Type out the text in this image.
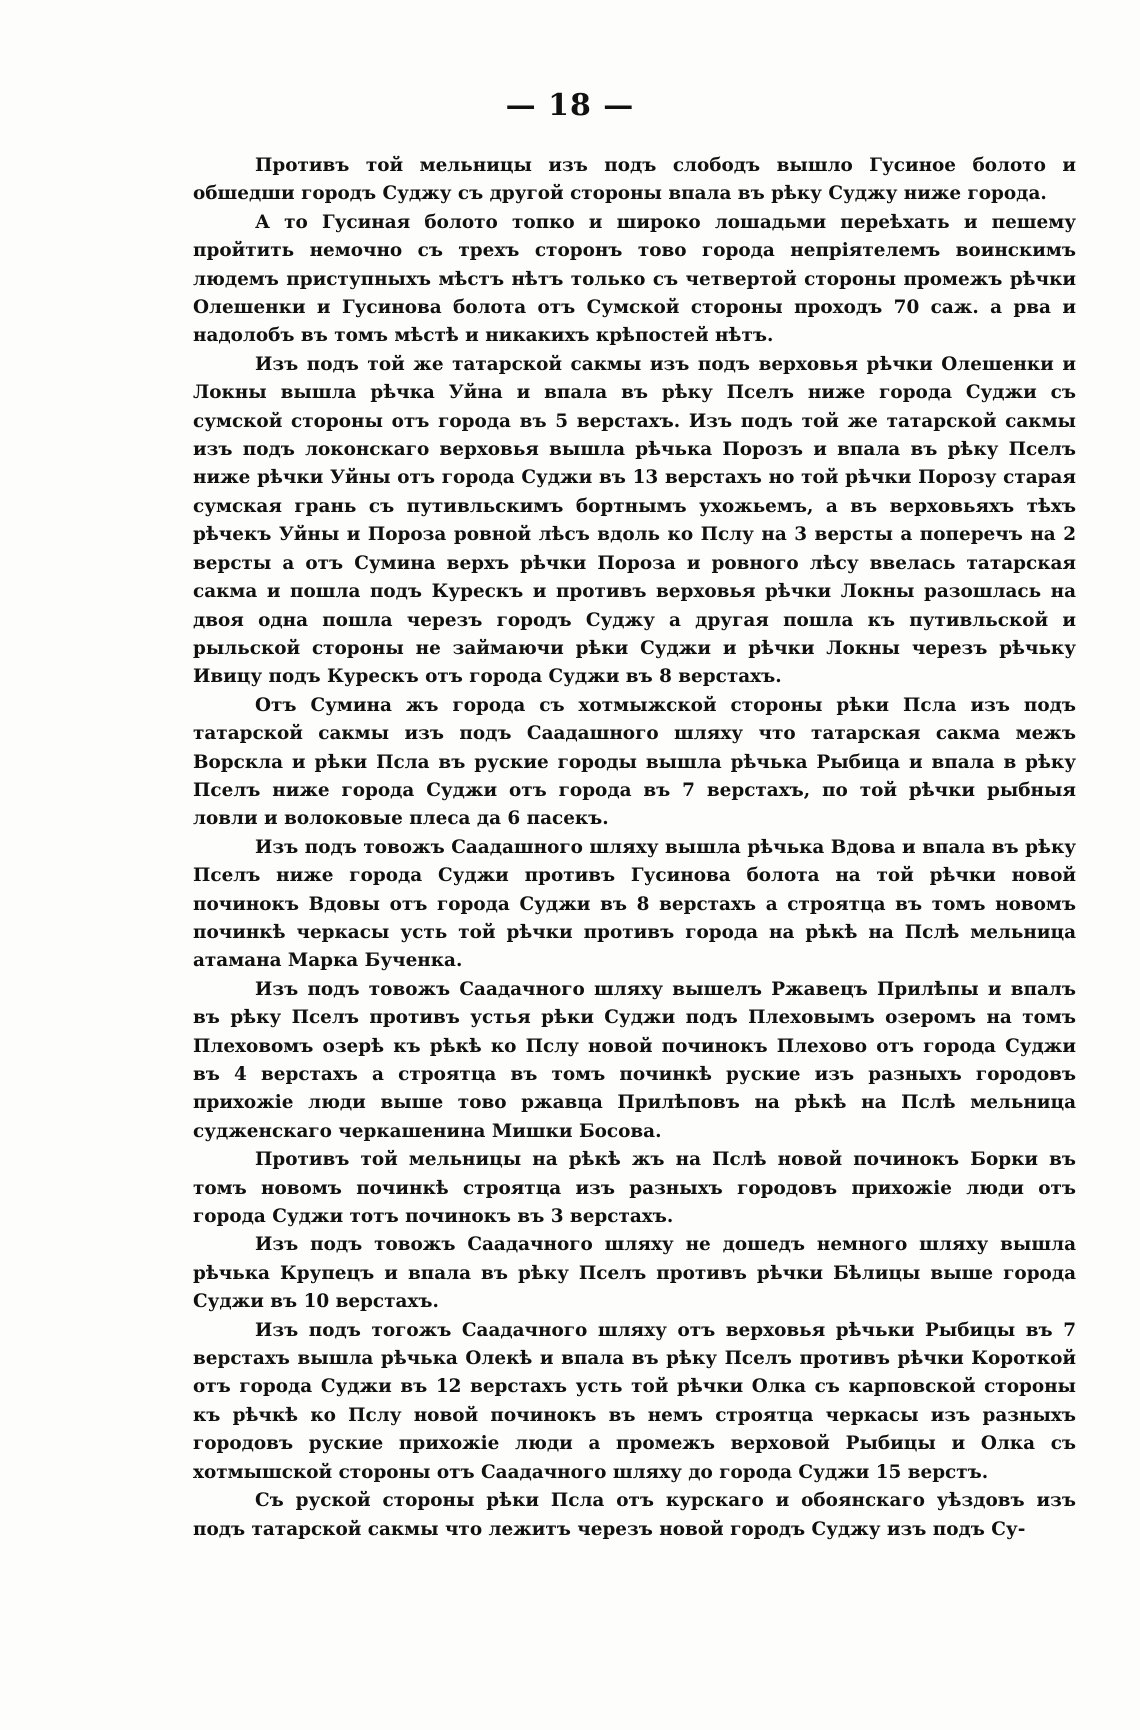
— 18 —

Противъ той мельницы изъ подъ слободъ вышло Гусиное болото и обшедши городъ Суджу съ другой стороны впала въ рѣку Суджу ниже города.

А то Гусиная болото топко и широко лошадьми переѣхать и пешему пройтить немочно съ трехъ сторонъ тово города непріятелемъ воинскимъ людемъ приступныхъ мѣстъ нѣтъ только съ четвертой стороны промежъ рѣчки Олешенки и Гусинова болота отъ Сумской стороны проходъ 70 саж. а рва и надолобъ въ томъ мѣстѣ и никакихъ крѣпостей нѣтъ.

Изъ подъ той же татарской сакмы изъ подъ верховья рѣчки Олешенки и Локны вышла рѣчка Уйна и впала въ рѣку Пселъ ниже города Суджи съ сумской стороны отъ города въ 5 верстахъ. Изъ подъ той же татарской сакмы изъ подъ локонскаго верховья вышла рѣчька Порозъ и впала въ рѣку Пселъ ниже рѣчки Уйны отъ города Суджи въ 13 верстахъ но той рѣчки Порозу старая сумская грань съ путивльскимъ бортнымъ ухожьемъ, а въ верховьяхъ тѣхъ рѣчекъ Уйны и Пороза ровной лѣсъ вдоль ко Пслу на 3 версты а поперечъ на 2 версты а отъ Сумина верхъ рѣчки Пороза и ровного лѣсу ввелась татарская сакма и пошла подъ Курескъ и противъ верховья рѣчки Локны разошлась на двоя одна пошла черезъ городъ Суджу а другая пошла къ путивльской и рыльской стороны не займаючи рѣки Суджи и рѣчки Локны черезъ рѣчьку Ивицу подъ Курескъ отъ города Суджи въ 8 верстахъ.

Отъ Сумина жъ города съ хотмыжской стороны рѣки Псла изъ подъ татарской сакмы изъ подъ Саадашного шляху что татарская сакма межъ Ворскла и рѣки Псла въ руские городы вышла рѣчька Рыбица и впала в рѣку Пселъ ниже города Суджи отъ города въ 7 верстахъ, по той рѣчки рыбныя ловли и волоковые плеса да 6 пасекъ.

Изъ подъ товожъ Саадашного шляху вышла рѣчька Вдова и впала въ рѣку Пселъ ниже города Суджи противъ Гусинова болота на той рѣчки новой починокъ Вдовы отъ города Суджи въ 8 верстахъ а строятца въ томъ новомъ починкѣ черкасы усть той рѣчки противъ города на рѣкѣ на Пслѣ мельница атамана Марка Бученка.

Изъ подъ товожъ Саадачного шляху вышелъ Ржавецъ Прилѣпы и впалъ въ рѣку Пселъ противъ устья рѣки Суджи подъ Плеховымъ озеромъ на томъ Плеховомъ озерѣ къ рѣкѣ ко Пслу новой починокъ Плехово отъ города Суджи въ 4 верстахъ а строятца въ томъ починкѣ руские изъ разныхъ городовъ прихожіе люди выше тово ржавца Прилѣповъ на рѣкѣ на Пслѣ мельница судженскаго черкашенина Мишки Босова.

Противъ той мельницы на рѣкѣ жъ на Пслѣ новой починокъ Борки въ томъ новомъ починкѣ строятца изъ разныхъ городовъ прихожіе люди отъ города Суджи тотъ починокъ въ 3 верстахъ.

Изъ подъ товожъ Саадачного шляху не дошедъ немного шляху вышла рѣчька Крупецъ и впала въ рѣку Пселъ противъ рѣчки Бѣлицы выше города Суджи въ 10 верстахъ.

Изъ подъ тогожъ Саадачного шляху отъ верховья рѣчьки Рыбицы въ 7 верстахъ вышла рѣчька Олекѣ и впала въ рѣку Пселъ противъ рѣчки Короткой отъ города Суджи въ 12 верстахъ усть той рѣчки Олка съ карповской стороны къ рѣчкѣ ко Пслу новой починокъ въ немъ строятца черкасы изъ разныхъ городовъ руские прихожіе люди а промежъ верховой Рыбицы и Олка съ хотмышской стороны отъ Саадачного шляху до города Суджи 15 верстъ.

Съ руской стороны рѣки Псла отъ курскаго и обоянскаго уѣздовъ изъ подъ татарской сакмы что лежитъ черезъ новой городъ Суджу изъ подъ Су-
